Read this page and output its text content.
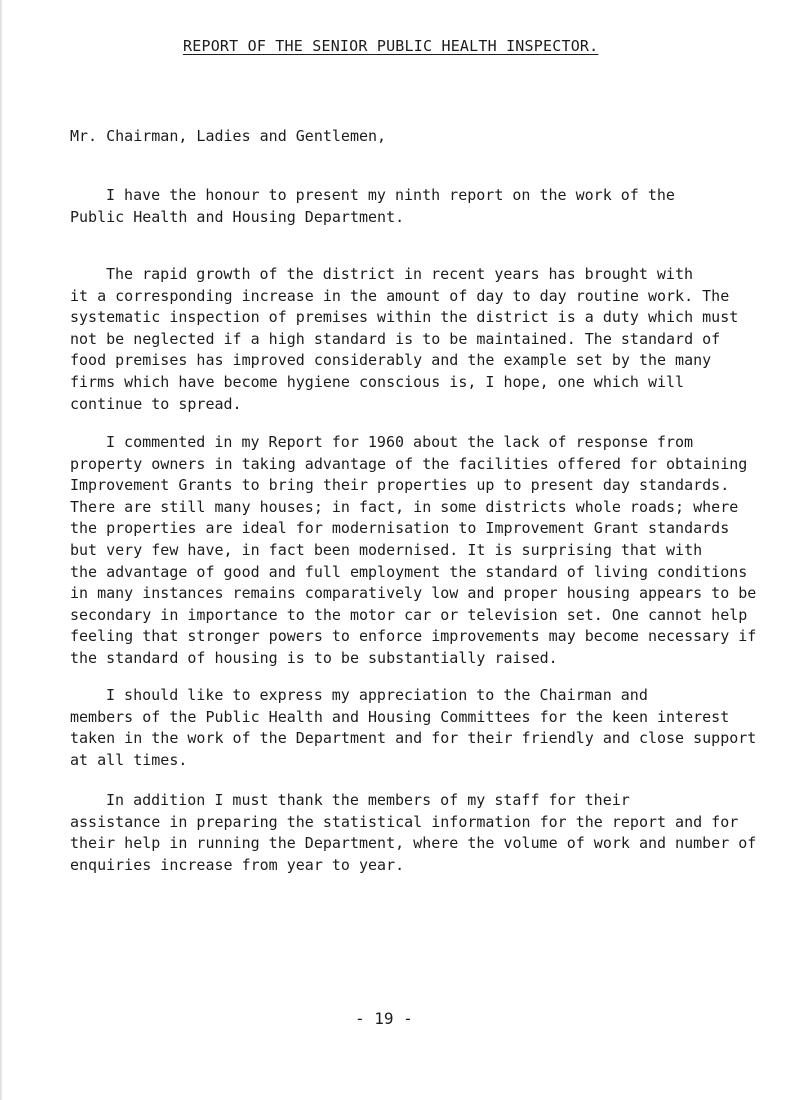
REPORT OF THE SENIOR PUBLIC HEALTH INSPECTOR.
Mr. Chairman, Ladies and Gentlemen,
I have the honour to present my ninth report on the work of the
Public Health and Housing Department.
The rapid growth of the district in recent years has brought with
it a corresponding increase in the amount of day to day routine work. The
systematic inspection of premises within the district is a duty which must
not be neglected if a high standard is to be maintained. The standard of
food premises has improved considerably and the example set by the many
firms which have become hygiene conscious is, I hope, one which will
continue to spread.
I commented in my Report for 1960 about the lack of response from
property owners in taking advantage of the facilities offered for obtaining
Improvement Grants to bring their properties up to present day standards.
There are still many houses; in fact, in some districts whole roads; where
the properties are ideal for modernisation to Improvement Grant standards
but very few have, in fact been modernised. It is surprising that with
the advantage of good and full employment the standard of living conditions
in many instances remains comparatively low and proper housing appears to be
secondary in importance to the motor car or television set. One cannot help
feeling that stronger powers to enforce improvements may become necessary if
the standard of housing is to be substantially raised.
I should like to express my appreciation to the Chairman and
members of the Public Health and Housing Committees for the keen interest
taken in the work of the Department and for their friendly and close support
at all times.
In addition I must thank the members of my staff for their
assistance in preparing the statistical information for the report and for
their help in running the Department, where the volume of work and number of
enquiries increase from year to year.
- 19 -
